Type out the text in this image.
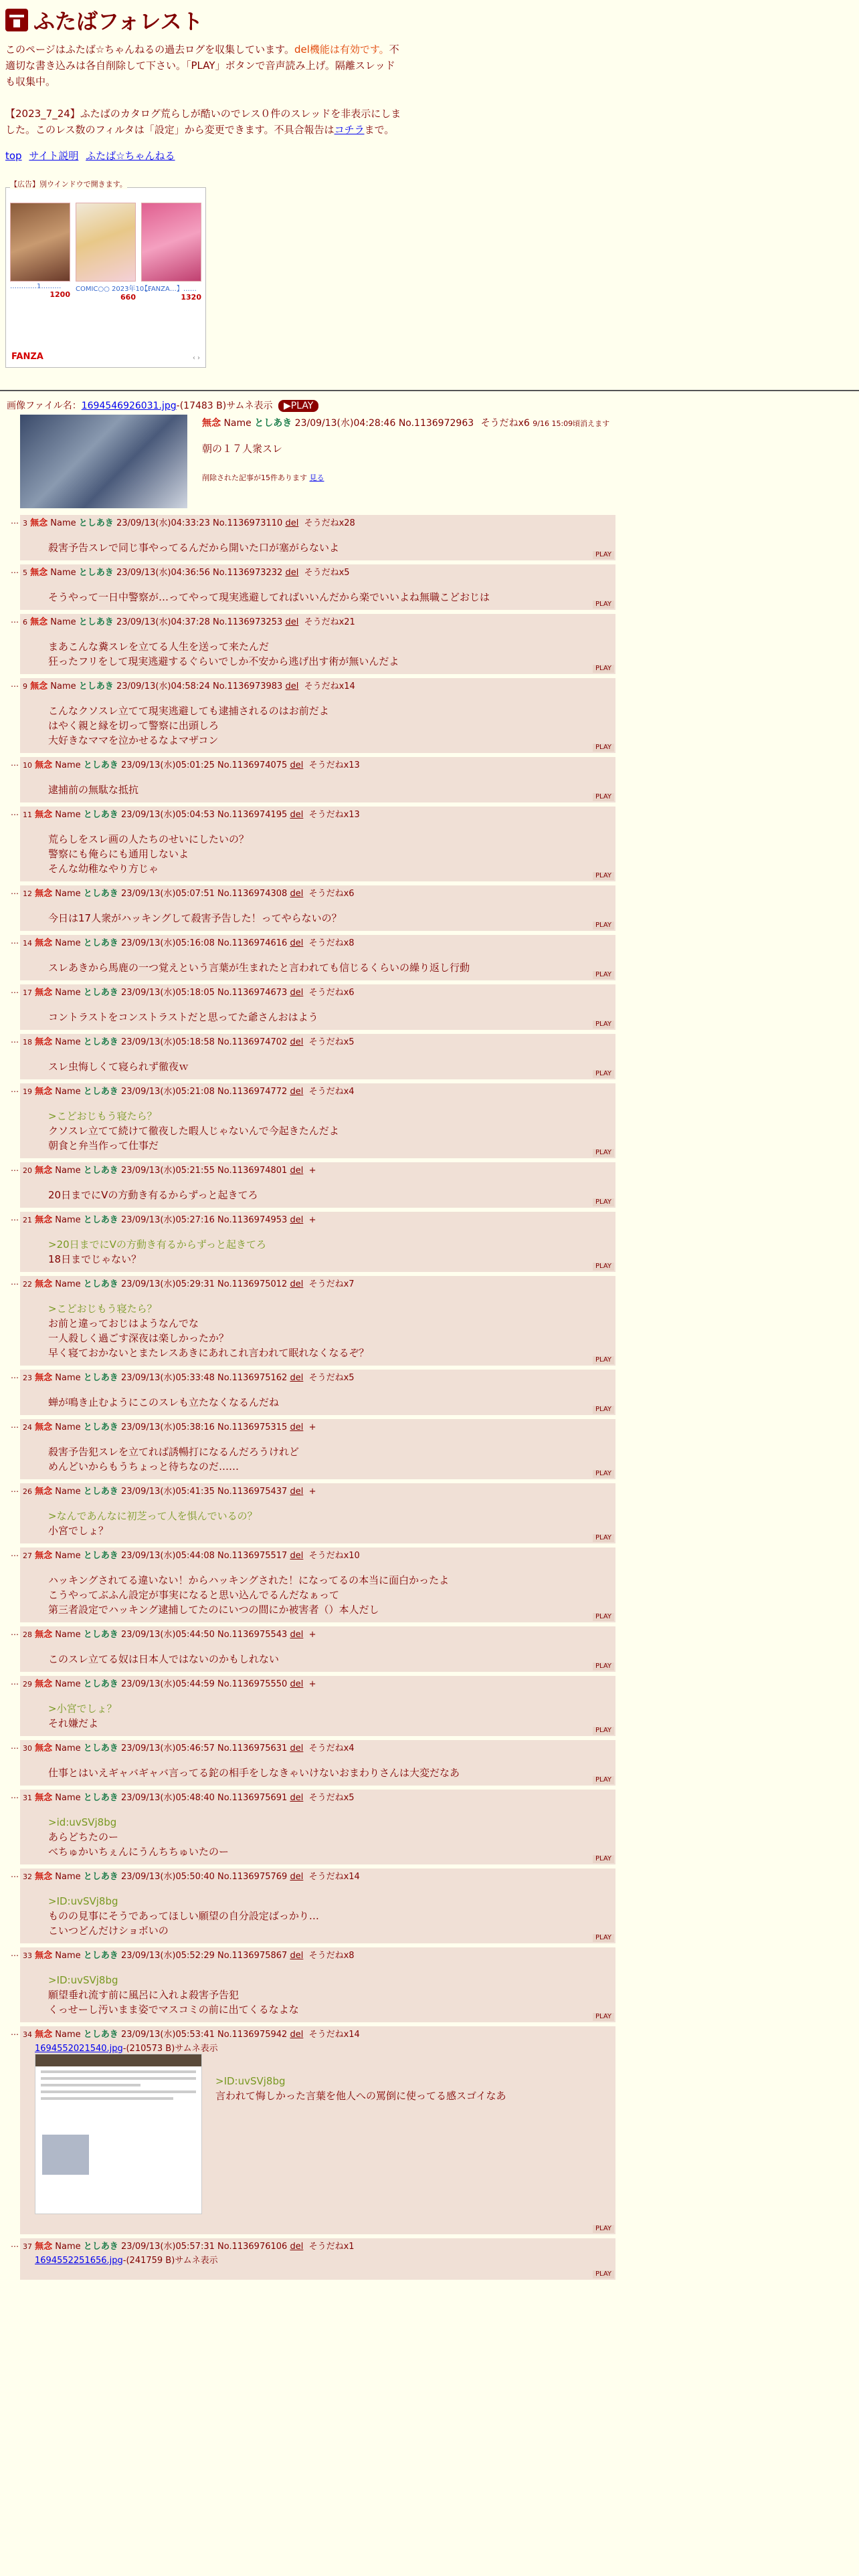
ふたばフォレスト

このページはふたば☆ちゃんねるの過去ログを収集しています。del機能は有効です。不適切な書き込みは各自削除して下さい。「PLAY」ボタンで音声読み上げ。隔離スレッドも収集中。

【2023_7_24】ふたばのカタログ荒らしが酷いのでレス０件のスレッドを非表示にしました。このレス数のフィルタは「設定」から変更できます。不具合報告はコチラまで。

top サイト説明 ふたば☆ちゃんねる
【広告】別ウインドウで開きます。
…………1………
1200
COMIC○○ 2023年10…
660
【FANZA…】……
1320
FANZA	‹ ›
画像ファイル名：1694546926031.jpg-(17483 B)サムネ表示 ▶PLAY
無念 Name としあき 23/09/13(水)04:28:46 No.1136972963 そうだねx6 9/16 15:09頃消えます
朝の１７人衆スレ
削除された記事が15件あります 見る
… 3 無念 Name としあき 23/09/13(水)04:33:23 No.1136973110 del そうだねx28
殺害予告スレで同じ事やってるんだから開いた口が塞がらないよ
PLAY
… 5 無念 Name としあき 23/09/13(水)04:36:56 No.1136973232 del そうだねx5
そうやって一日中警察が…ってやって現実逃避してればいいんだから楽でいいよね無職こどおじは
PLAY
… 6 無念 Name としあき 23/09/13(水)04:37:28 No.1136973253 del そうだねx21
まあこんな糞スレを立てる人生を送って来たんだ
狂ったフリをして現実逃避するぐらいでしか不安から逃げ出す術が無いんだよ
PLAY
… 9 無念 Name としあき 23/09/13(水)04:58:24 No.1136973983 del そうだねx14
こんなクソスレ立てて現実逃避しても逮捕されるのはお前だよ
はやく親と縁を切って警察に出頭しろ
大好きなママを泣かせるなよマザコン
PLAY
… 10 無念 Name としあき 23/09/13(水)05:01:25 No.1136974075 del そうだねx13
逮捕前の無駄な抵抗
PLAY
… 11 無念 Name としあき 23/09/13(水)05:04:53 No.1136974195 del そうだねx13
荒らしをスレ画の人たちのせいにしたいの？
警察にも俺らにも通用しないよ
そんな幼稚なやり方じゃ
PLAY
… 12 無念 Name としあき 23/09/13(水)05:07:51 No.1136974308 del そうだねx6
今日は17人衆がハッキングして殺害予告した！ってやらないの？
PLAY
… 14 無念 Name としあき 23/09/13(水)05:16:08 No.1136974616 del そうだねx8
スレあきから馬鹿の一つ覚えという言葉が生まれたと言われても信じるくらいの繰り返し行動
PLAY
… 17 無念 Name としあき 23/09/13(水)05:18:05 No.1136974673 del そうだねx6
コントラストをコンストラストだと思ってた爺さんおはよう
PLAY
… 18 無念 Name としあき 23/09/13(水)05:18:58 No.1136974702 del そうだねx5
スレ虫悔しくて寝られず徹夜ｗ
PLAY
… 19 無念 Name としあき 23/09/13(水)05:21:08 No.1136974772 del そうだねx4
>こどおじもう寝たら？
クソスレ立てて続けて徹夜した暇人じゃないんで今起きたんだよ
朝食と弁当作って仕事だ
PLAY
… 20 無念 Name としあき 23/09/13(水)05:21:55 No.1136974801 del +
20日までにVの方動き有るからずっと起きてろ
PLAY
… 21 無念 Name としあき 23/09/13(水)05:27:16 No.1136974953 del +
>20日までにVの方動き有るからずっと起きてろ
18日までじゃない？
PLAY
… 22 無念 Name としあき 23/09/13(水)05:29:31 No.1136975012 del そうだねx7
>こどおじもう寝たら？
お前と違っておじはようなんでな
一人殺しく過ごす深夜は楽しかったか？
早く寝ておかないとまたレスあきにあれこれ言われて眠れなくなるぞ？
PLAY
… 23 無念 Name としあき 23/09/13(水)05:33:48 No.1136975162 del そうだねx5
蝉が鳴き止むようにこのスレも立たなくなるんだね
PLAY
… 24 無念 Name としあき 23/09/13(水)05:38:16 No.1136975315 del +
殺害予告犯スレを立てれば誘暢打になるんだろうけれど
めんどいからもうちょっと待ちなのだ……
PLAY
… 26 無念 Name としあき 23/09/13(水)05:41:35 No.1136975437 del +
>なんであんなに初芝って人を惧んでいるの？
小宮でしょ？
PLAY
… 27 無念 Name としあき 23/09/13(水)05:44:08 No.1136975517 del そうだねx10
ハッキングされてる違いない！からハッキングされた！になってるの本当に面白かったよ
こうやってぶふん設定が事実になると思い込んでるんだなぁって
第三者設定でハッキング逮捕してたのにいつの間にか被害者（）本人だし
PLAY
… 28 無念 Name としあき 23/09/13(水)05:44:50 No.1136975543 del +
このスレ立てる奴は日本人ではないのかもしれない
PLAY
… 29 無念 Name としあき 23/09/13(水)05:44:59 No.1136975550 del +
>小宮でしょ？
それ嫌だよ
PLAY
… 30 無念 Name としあき 23/09/13(水)05:46:57 No.1136975631 del そうだねx4
仕事とはいえギャバギャバ言ってる鉈の相手をしなきゃいけないおまわりさんは大変だなあ
PLAY
… 31 無念 Name としあき 23/09/13(水)05:48:40 No.1136975691 del そうだねx5
>id:uvSVj8bg
あらどちたのー
べちゅかいちぇんにうんちちゅいたのー
PLAY
… 32 無念 Name としあき 23/09/13(水)05:50:40 No.1136975769 del そうだねx14
>ID:uvSVj8bg
ものの見事にそうであってほしい願望の自分設定ばっかり…
こいつどんだけショボいの
PLAY
… 33 無念 Name としあき 23/09/13(水)05:52:29 No.1136975867 del そうだねx8
>ID:uvSVj8bg
願望垂れ流す前に風呂に入れよ殺害予告犯
くっせーし汚いまま姿でマスコミの前に出てくるなよな
PLAY
… 34 無念 Name としあき 23/09/13(水)05:53:41 No.1136975942 del そうだねx14
1694552021540.jpg-(210573 B)サムネ表示
>ID:uvSVj8bg
言われて悔しかった言葉を他人への罵倒に使ってる感スゴイなあ
PLAY
… 37 無念 Name としあき 23/09/13(水)05:57:31 No.1136976106 del そうだねx1
1694552251656.jpg-(241759 B)サムネ表示
PLAY
